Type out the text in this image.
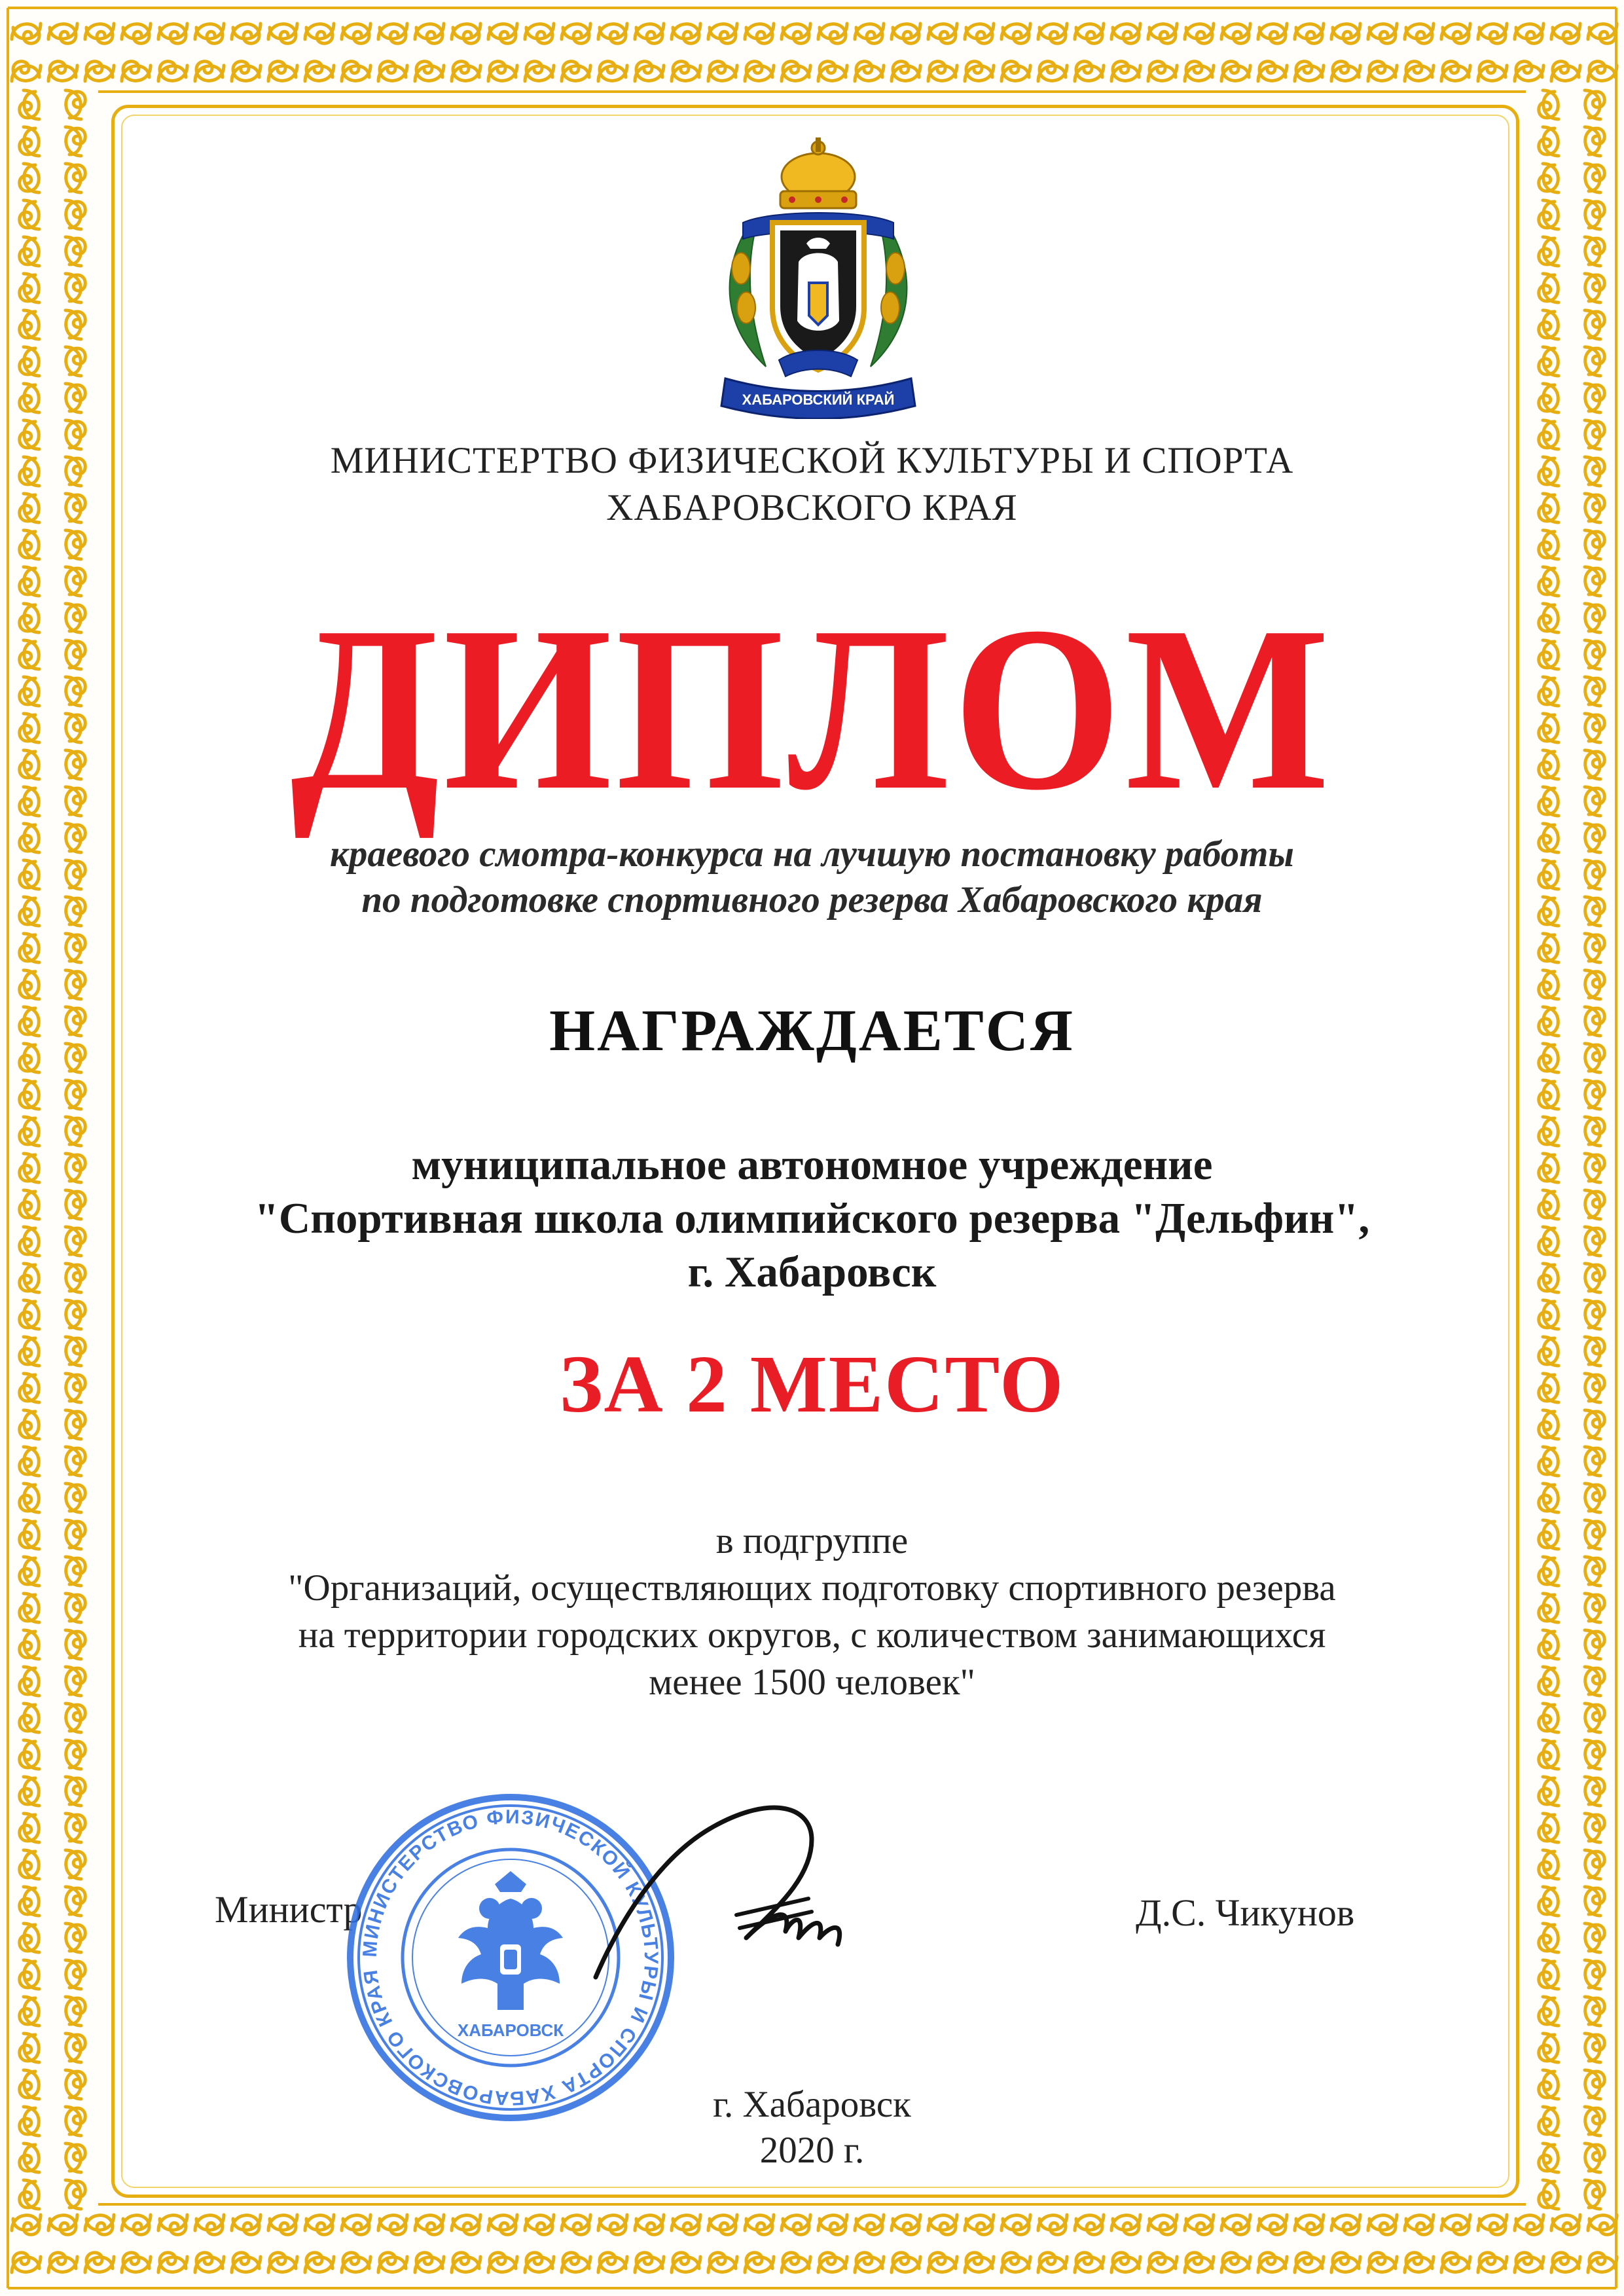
ХАБАРОВСКИЙ КРАЙ
МИНИСТЕРТВО ФИЗИЧЕСКОЙ КУЛЬТУРЫ И СПОРТА
ХАБАРОВСКОГО КРАЯ
ДИПЛОМ
краевого смотра-конкурса на лучшую постановку работы
по подготовке спортивного резерва Хабаровского края
НАГРАЖДАЕТСЯ
муниципальное автономное учреждение
"Спортивная школа олимпийского резерва "Дельфин",
г. Хабаровск
ЗА 2 МЕСТО
в подгруппе
"Организаций, осуществляющих подготовку спортивного резерва
на территории городских округов, с количеством занимающихся
менее 1500 человек"
Министр	Д.С. Чикунов
МИНИСТЕРСТВО ФИЗИЧЕСКОЙ КУЛЬТУРЫ И СПОРТА ХАБАРОВСКОГО КРАЯ
ХАБАРОВСК
г. Хабаровск
2020 г.
